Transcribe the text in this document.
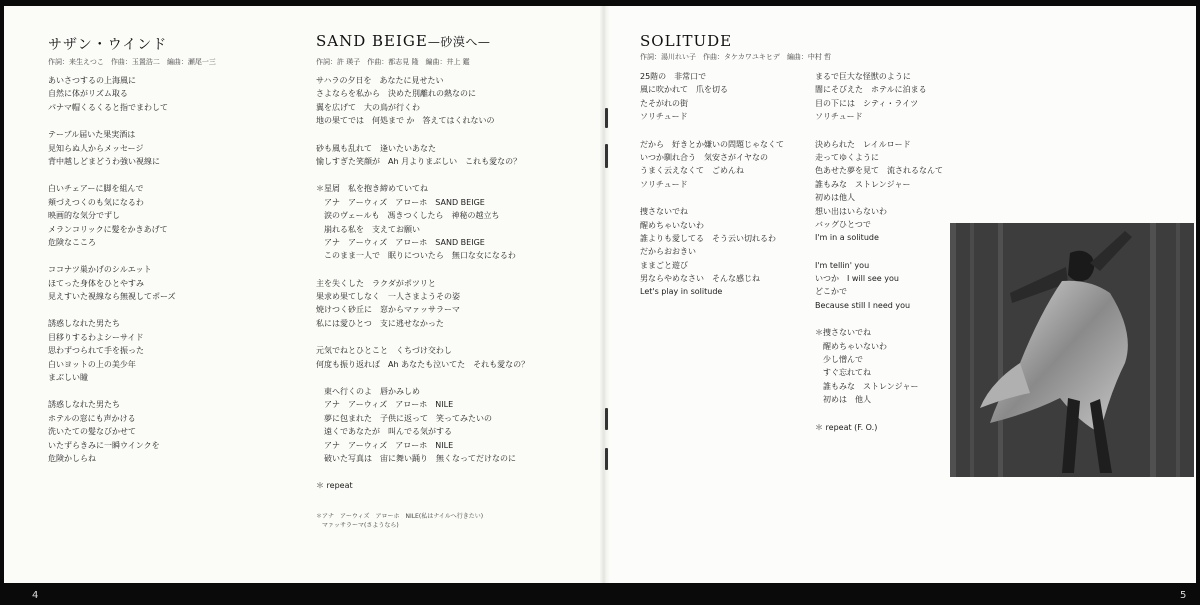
サザン・ウインド
作詞：来生えつこ　作曲：玉置浩二　編曲：瀬尾一三
あいさつするの上海風に
自然に体がリズム取る
パナマ帽くるくると指でまわして
テーブル届いた果実酒は
見知らぬ人からメッセージ
背中越しどまどうわ強い視線に
白いチェアーに脚を組んで
頬づえつくのも気になるわ
映画的な気分でずし
メランコリックに髪をかきあげて
危険なこころ
ココナツ巣かげのシルエット
ほてった身体をひとやすみ
見えすいた視線なら無視してポーズ
誘惑しなれた男たち
目移りするわよシーサイド
思わずつられて手を振った
白いヨットの上の美少年
まぶしい瞳
誘惑しなれた男たち
ホテルの窓にも声かける
洗いたての髪なびかせて
いたずらきみに一瞬ウインクを
危険かしらね
SAND BEIGE—砂漠へ—
作詞：許 瑛子　作曲：都志見 隆　編曲：井上 鑑
サハラの夕日を　あなたに見せたい
さよならを私から　決めた別離れの熱なのに
翼を広げて　大の鳥が行くわ
地の果てでは　何処まで か　答えてはくれないの
砂も風も乱れて　逢いたいあなた
愉しすぎた笑顔が　Ah 月よりまぶしい　これも愛なの？
＊星屑　私を抱き締めていてね
　アナ　アーウィズ　アローホ　SAND BEIGE
　涙のヴェールも　馮きつくしたら　神秘の越立ち
　崩れる私を　支えてお願い
　アナ　アーウィズ　アローホ　SAND BEIGE
　このまま一人で　眠りについたら　無口な女になるわ
主を失くした　ラクダがポツリと
果求め果てしなく　一人さまようその姿
焼けつく砂丘に　窓からマァッサラーマ
私には愛ひとつ　支に逃せなかった
元気でねとひとこと　くちづけ交わし
何度も振り返れば　Ah あなたも泣いてた　それも愛なの？
　東へ行くのよ　唇かみしめ
　アナ　アーウィズ　アローホ　NILE
　夢に包まれた　子供に返って　笑ってみたいの
　遠くであなたが　叫んでる気がする
　アナ　アーウィズ　アローホ　NILE
　破いた写真は　宙に舞い踊り　無くなってだけなのに
＊ repeat
＊アナ　アーウィズ　アローホ　NILE(私はナイルへ行きたい)
　マァッサラーマ(さようなら)
SOLITUDE
作詞：湯川れい子　作曲：タケカワユキヒデ　編曲：中村 哲
25階の　非常口で
風に吹かれて　爪を切る
たそがれの街
ソリチュード
だから　好きとか嫌いの問題じゃなくて
いつか馴れ合う　気安さがイヤなの
うまく云えなくて　ごめんね
ソリチュード
捜さないでね
醒めちゃいないわ
誰よりも愛してる　そう云い切れるわ
だからおおきい
ままごと遊び
男ならやめなさい　そんな感じね
Let's play in solitude
まるで巨大な怪獣のように
闇にそびえた　ホテルに泊まる
目の下には　シティ・ライツ
ソリチュード
決められた　レイルロード
走ってゆくように
色あせた夢を見て　流されるなんて
誰もみな　ストレンジャー
初めは他人
想い出はいらないわ
バッグひとつで
I'm in a solitude
I'm tellin' you
いつか　I will see you
どこかで
Because still I need you
＊捜さないでね
　醒めちゃいないわ
　少し憎んで
　すぐ忘れてね
　誰もみな　ストレンジャー
　初めは　他人
＊ repeat (F. O.)
4	5
